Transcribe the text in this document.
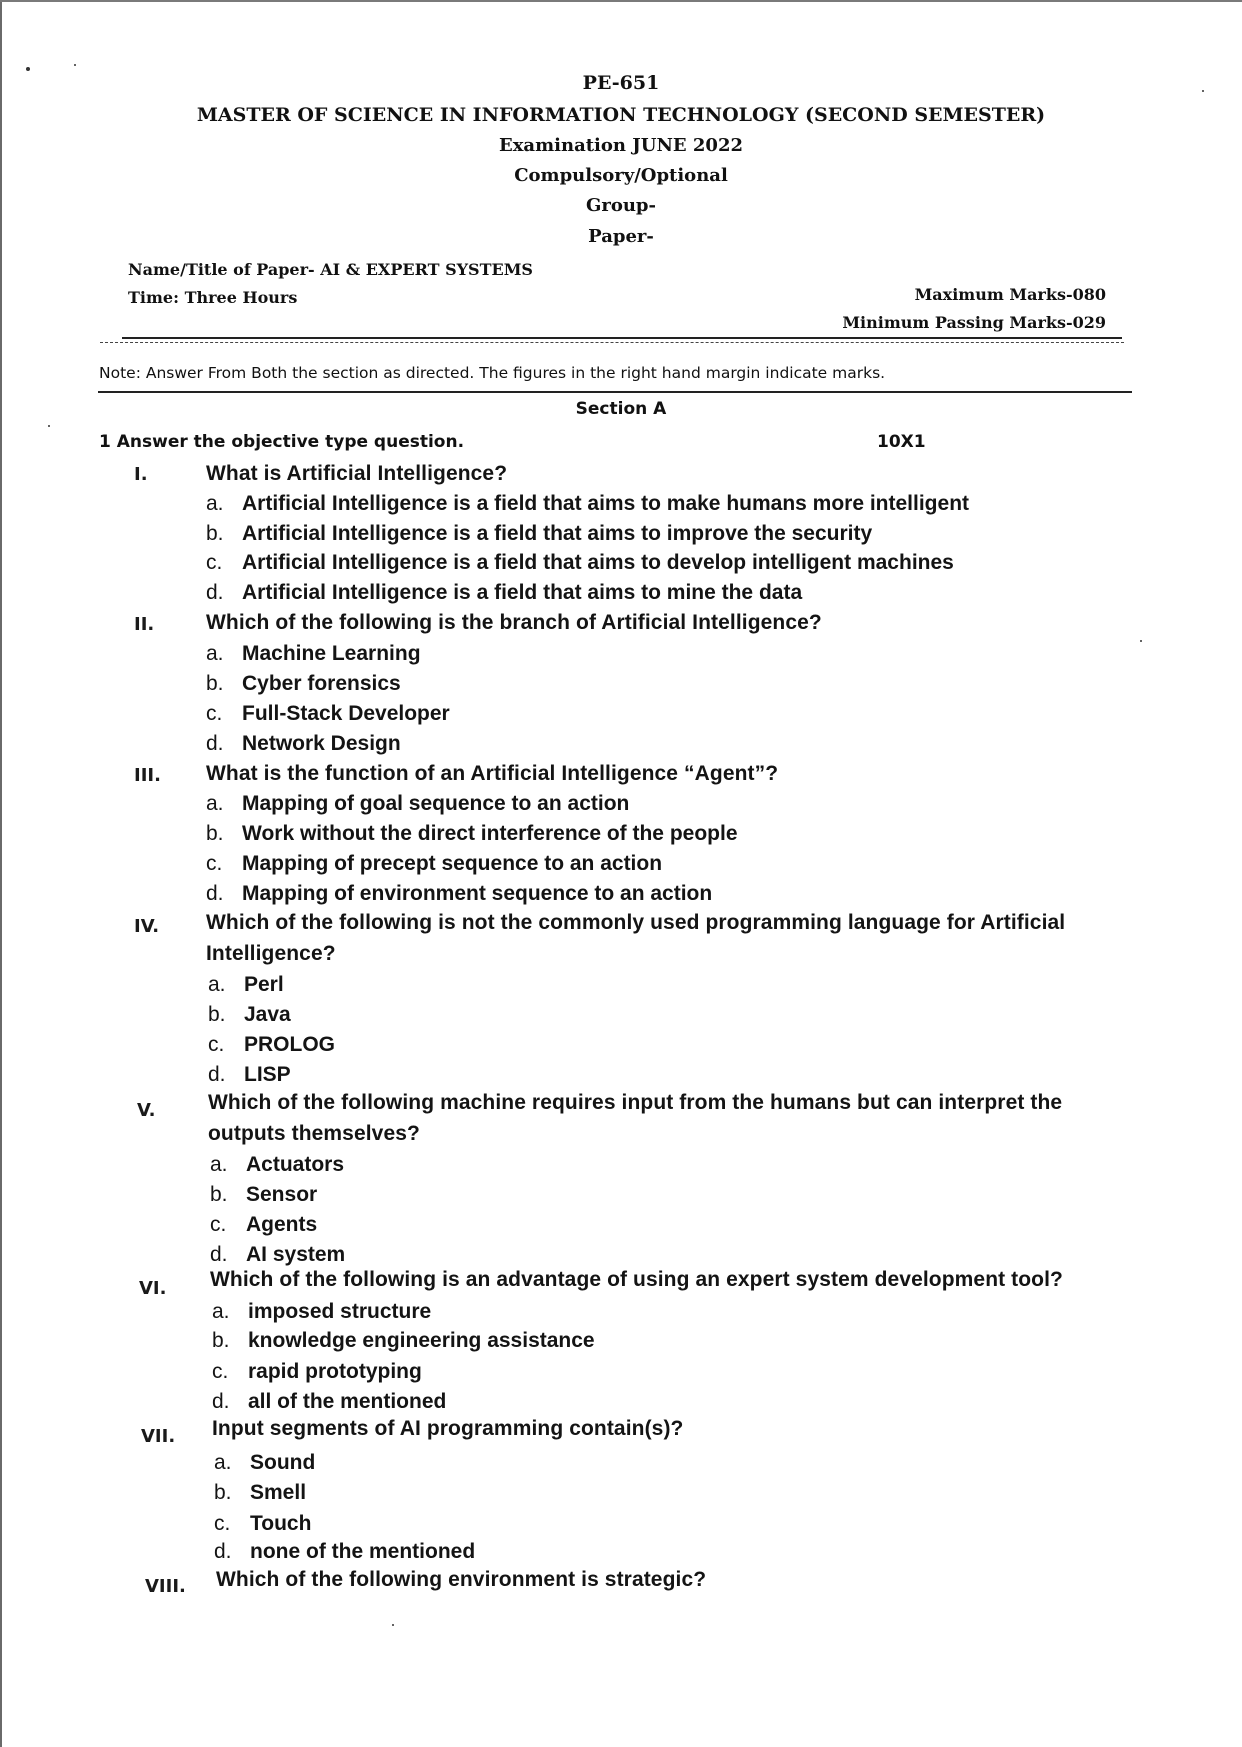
PE-651
MASTER OF SCIENCE IN INFORMATION TECHNOLOGY (SECOND SEMESTER)
Examination JUNE 2022
Compulsory/Optional
Group-
Paper-
Name/Title of Paper- AI & EXPERT SYSTEMS
Time: Three Hours	Maximum Marks-080
Minimum Passing Marks-029
Note: Answer From Both the section as directed. The figures in the right hand margin indicate marks.
Section A
1 Answer the objective type question.	10X1
I.	What is Artificial Intelligence?
a. Artificial Intelligence is a field that aims to make humans more intelligent
b. Artificial Intelligence is a field that aims to improve the security
c. Artificial Intelligence is a field that aims to develop intelligent machines
d. Artificial Intelligence is a field that aims to mine the data
II. Which of the following is the branch of Artificial Intelligence?
a. Machine Learning
b. Cyber forensics
c. Full-Stack Developer
d. Network Design
III. What is the function of an Artificial Intelligence “Agent”?
a. Mapping of goal sequence to an action
b. Work without the direct interference of the people
c. Mapping of precept sequence to an action
d. Mapping of environment sequence to an action
IV. Which of the following is not the commonly used programming language for Artificial
Intelligence?
a. Perl
b. Java
c. PROLOG
d. LISP
V.	Which of the following machine requires input from the humans but can interpret the
outputs themselves?
a. Actuators
b. Sensor
c. Agents
d. AI system
VI. Which of the following is an advantage of using an expert system development tool?
a. imposed structure
b. knowledge engineering assistance
c. rapid prototyping
d. all of the mentioned
VII. Input segments of AI programming contain(s)?
a. Sound
b. Smell
c. Touch
d. none of the mentioned
VIII. Which of the following environment is strategic?
